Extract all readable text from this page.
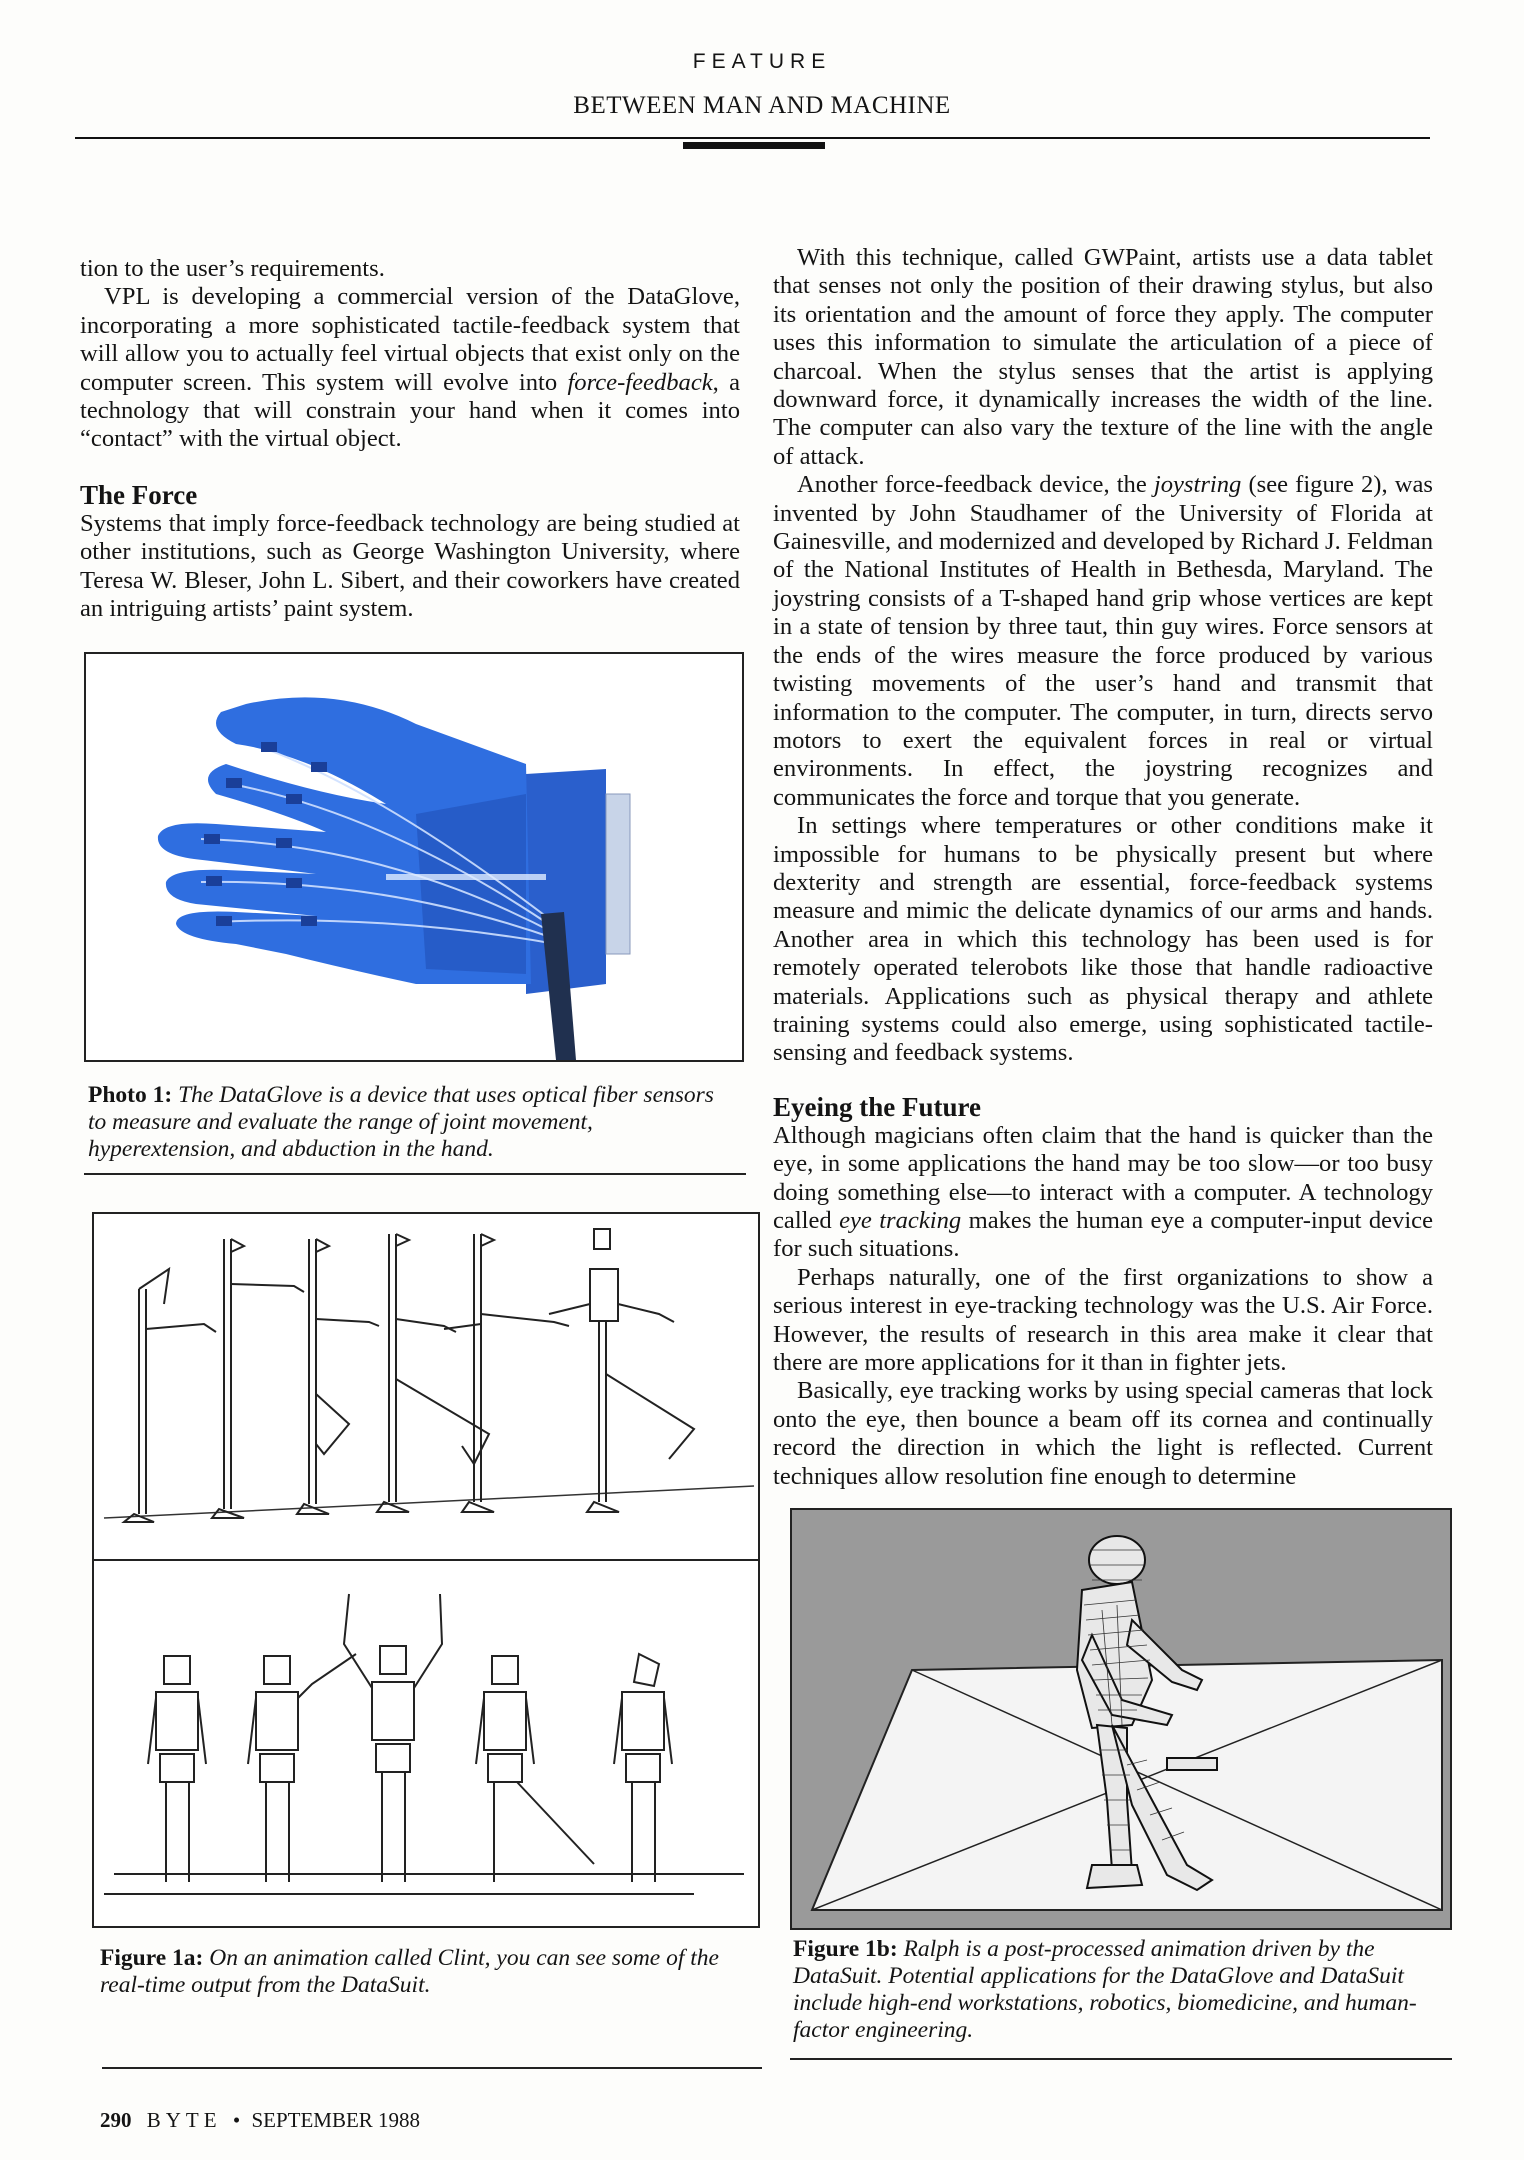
FEATURE
BETWEEN MAN AND MACHINE

tion to the user’s requirements.

VPL is developing a commercial version of the DataGlove, incorporating a more sophisticated tactile-feedback system that will allow you to actually feel virtual objects that exist only on the computer screen. This system will evolve into force-feedback, a technology that will constrain your hand when it comes into “contact” with the virtual object.

The Force

Systems that imply force-feedback technology are being studied at other institutions, such as George Washington University, where Teresa W. Bleser, John L. Sibert, and their coworkers have created an intriguing artists’ paint system.

With this technique, called GWPaint, artists use a data tablet that senses not only the position of their drawing stylus, but also its orientation and the amount of force they apply. The computer uses this information to simulate the articulation of a piece of charcoal. When the stylus senses that the artist is applying downward force, it dynamically increases the width of the line. The computer can also vary the texture of the line with the angle of attack.

Another force-feedback device, the joystring (see figure 2), was invented by John Staudhamer of the University of Florida at Gainesville, and modernized and developed by Richard J. Feldman of the National Institutes of Health in Bethesda, Maryland. The joystring consists of a T-shaped hand grip whose vertices are kept in a state of tension by three taut, thin guy wires. Force sensors at the ends of the wires measure the force produced by various twisting movements of the user’s hand and transmit that information to the computer. The computer, in turn, directs servo motors to exert the equivalent forces in real or virtual environments. In effect, the joystring recognizes and communicates the force and torque that you generate.

In settings where temperatures or other conditions make it impossible for humans to be physically present but where dexterity and strength are essential, force-feedback systems measure and mimic the delicate dynamics of our arms and hands. Another area in which this technology has been used is for remotely operated telerobots like those that handle radioactive materials. Applications such as physical therapy and athlete training systems could also emerge, using sophisticated tactile-sensing and feedback systems.

Eyeing the Future

Although magicians often claim that the hand is quicker than the eye, in some applications the hand may be too slow—or too busy doing something else—to interact with a computer. A technology called eye tracking makes the human eye a computer-input device for such situations.

Perhaps naturally, one of the first organizations to show a serious interest in eye-tracking technology was the U.S. Air Force. However, the results of research in this area make it clear that there are more applications for it than in fighter jets.

Basically, eye tracking works by using special cameras that lock onto the eye, then bounce a beam off its cornea and continually record the direction in which the light is reflected. Current techniques allow resolution fine enough to determine

Photo 1: The DataGlove is a device that uses optical fiber sensors to measure and evaluate the range of joint movement, hyperextension, and abduction in the hand.
Figure 1a: On an animation called Clint, you can see some of the real-time output from the DataSuit.
Figure 1b: Ralph is a post-processed animation driven by the DataSuit. Potential applications for the DataGlove and DataSuit include high-end workstations, robotics, biomedicine, and human-factor engineering.
290 BYTE • SEPTEMBER 1988
